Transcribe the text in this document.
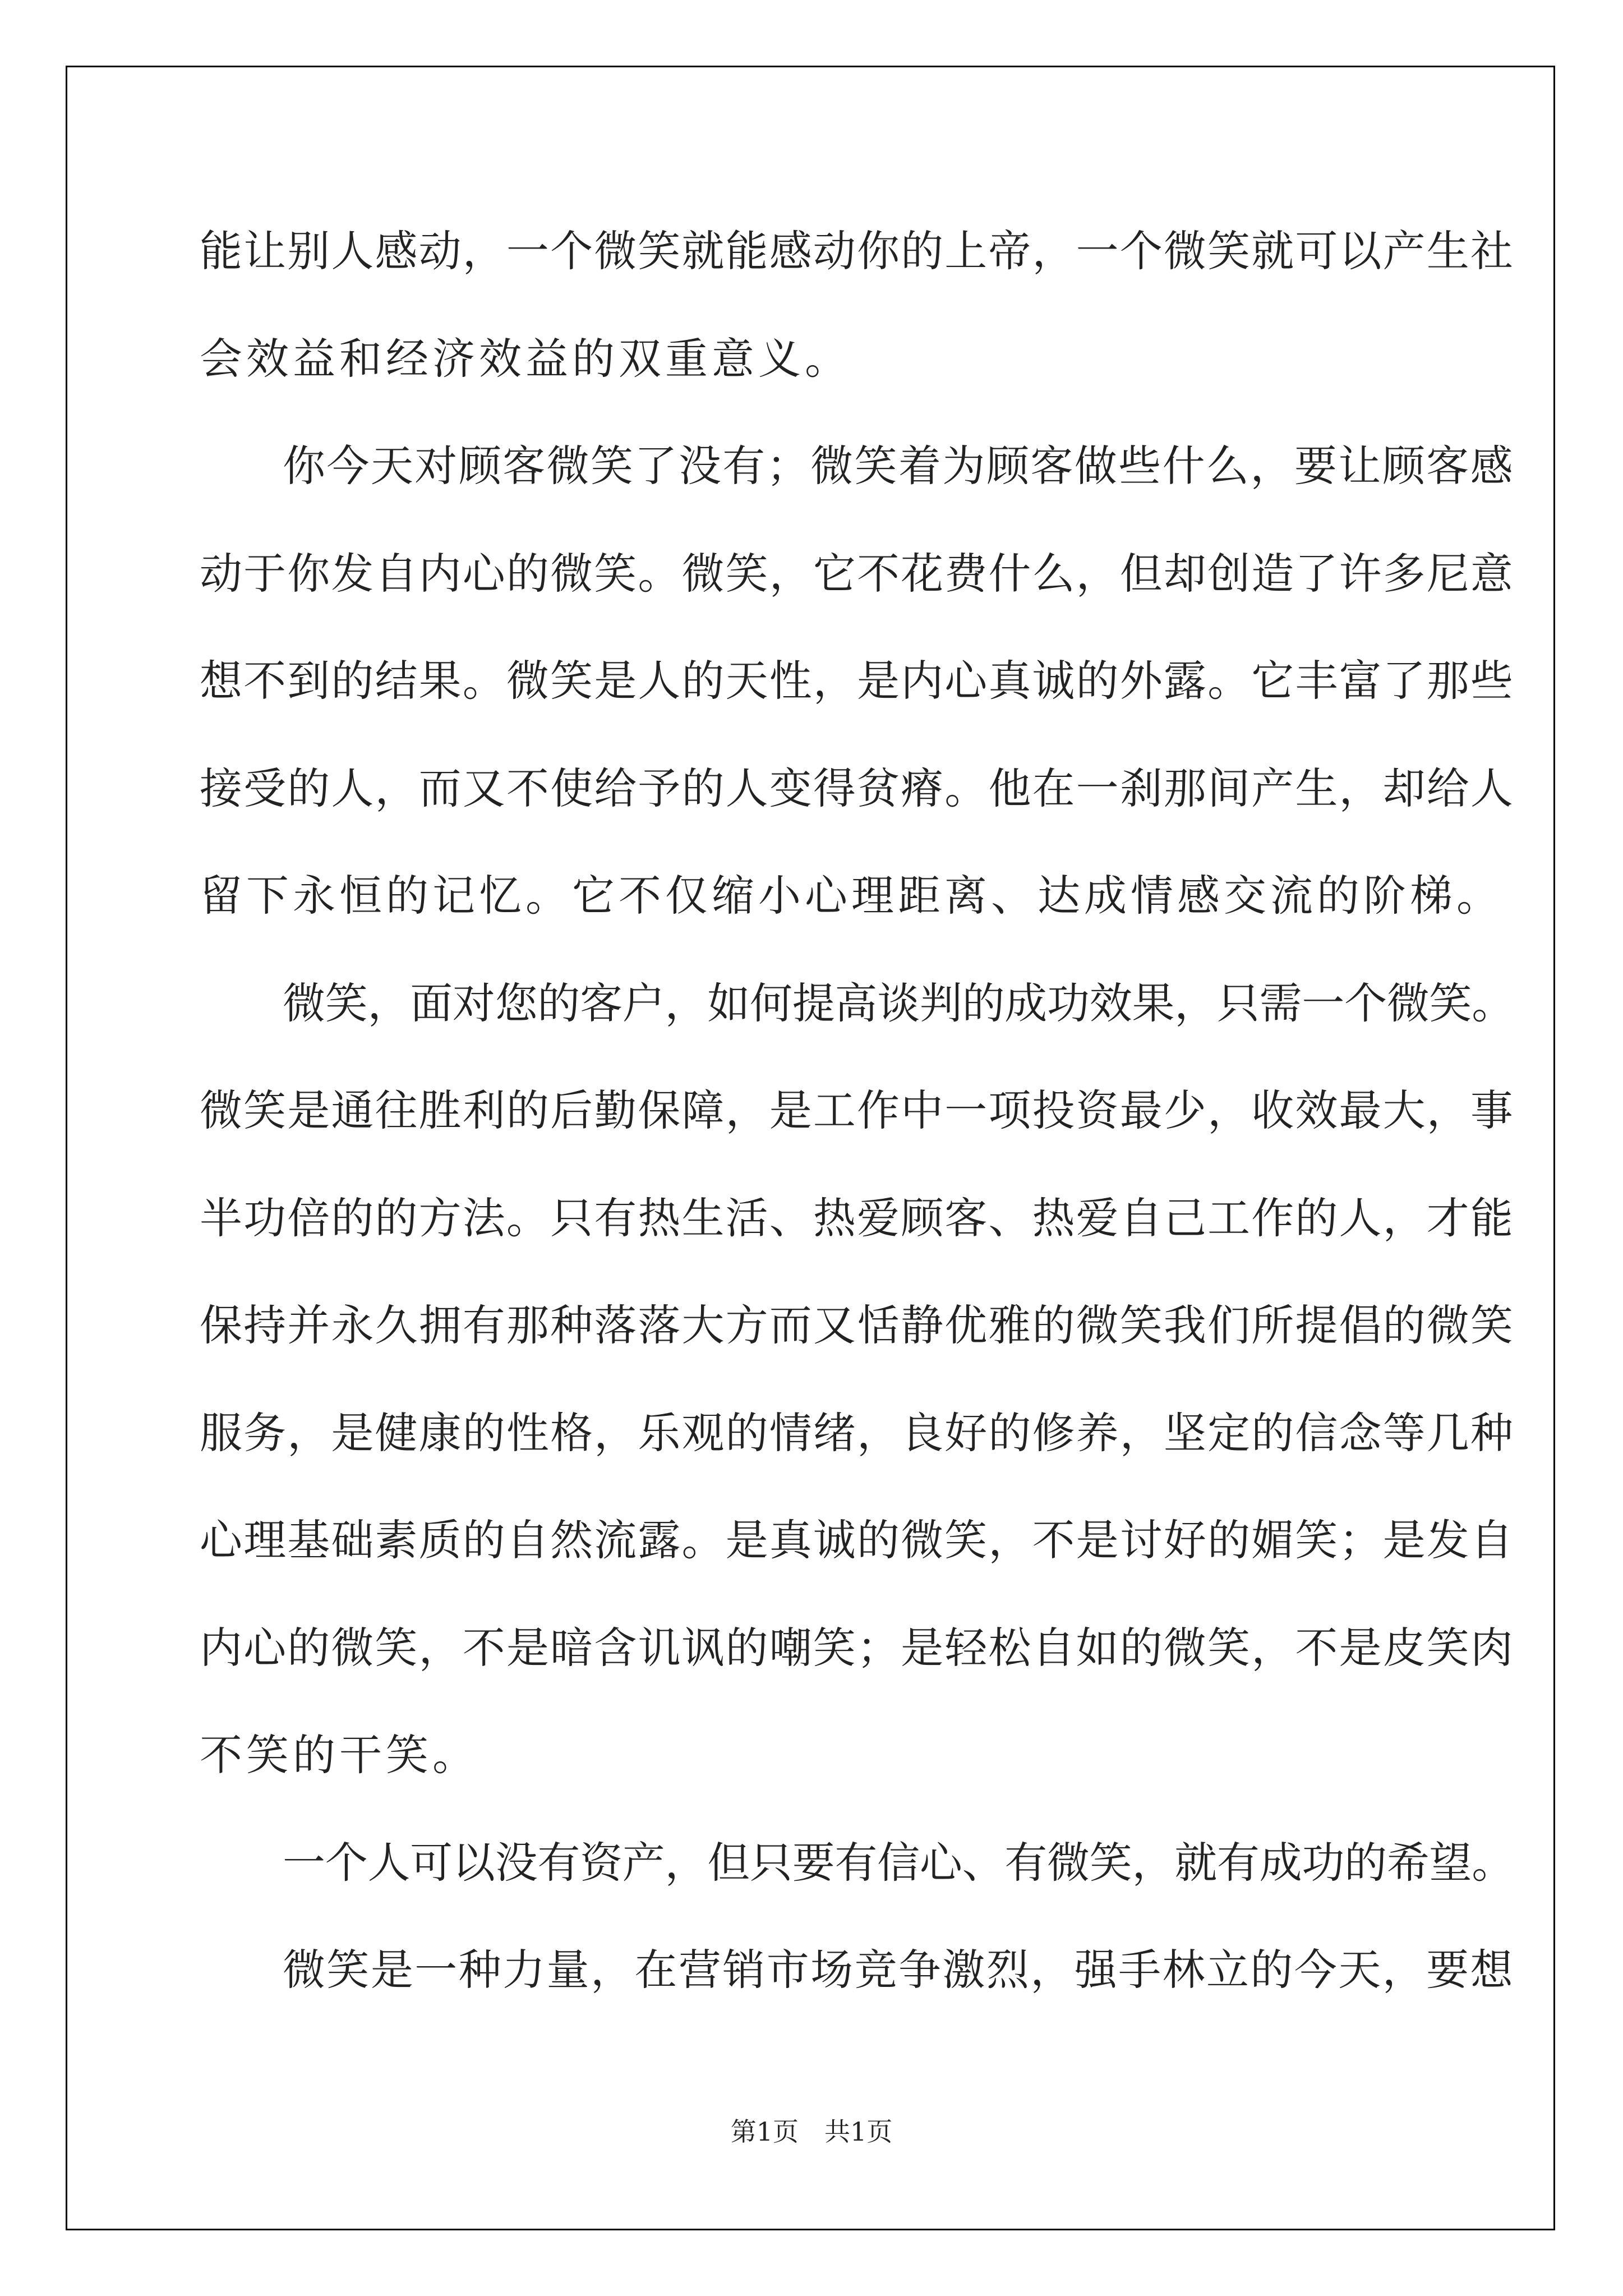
能让别人感动，一个微笑就能感动你的上帝，一个微笑就可以产生社
会效益和经济效益的双重意义。
你今天对顾客微笑了没有；微笑着为顾客做些什么，要让顾客感
动于你发自内心的微笑。微笑，它不花费什么，但却创造了许多尼意
想不到的结果。微笑是人的天性，是内心真诚的外露。它丰富了那些
接受的人，而又不使给予的人变得贫瘠。他在一刹那间产生，却给人
留下永恒的记忆。它不仅缩小心理距离、达成情感交流的阶梯。
微笑，面对您的客户，如何提高谈判的成功效果，只需一个微笑。
微笑是通往胜利的后勤保障，是工作中一项投资最少，收效最大，事
半功倍的的方法。只有热生活、热爱顾客、热爱自己工作的人，才能
保持并永久拥有那种落落大方而又恬静优雅的微笑我们所提倡的微笑
服务，是健康的性格，乐观的情绪，良好的修养，坚定的信念等几种
心理基础素质的自然流露。是真诚的微笑，不是讨好的媚笑；是发自
内心的微笑，不是暗含讥讽的嘲笑；是轻松自如的微笑，不是皮笑肉
不笑的干笑。
一个人可以没有资产，但只要有信心、有微笑，就有成功的希望。
微笑是一种力量，在营销市场竞争激烈，强手林立的今天，要想
第1页 共1页
